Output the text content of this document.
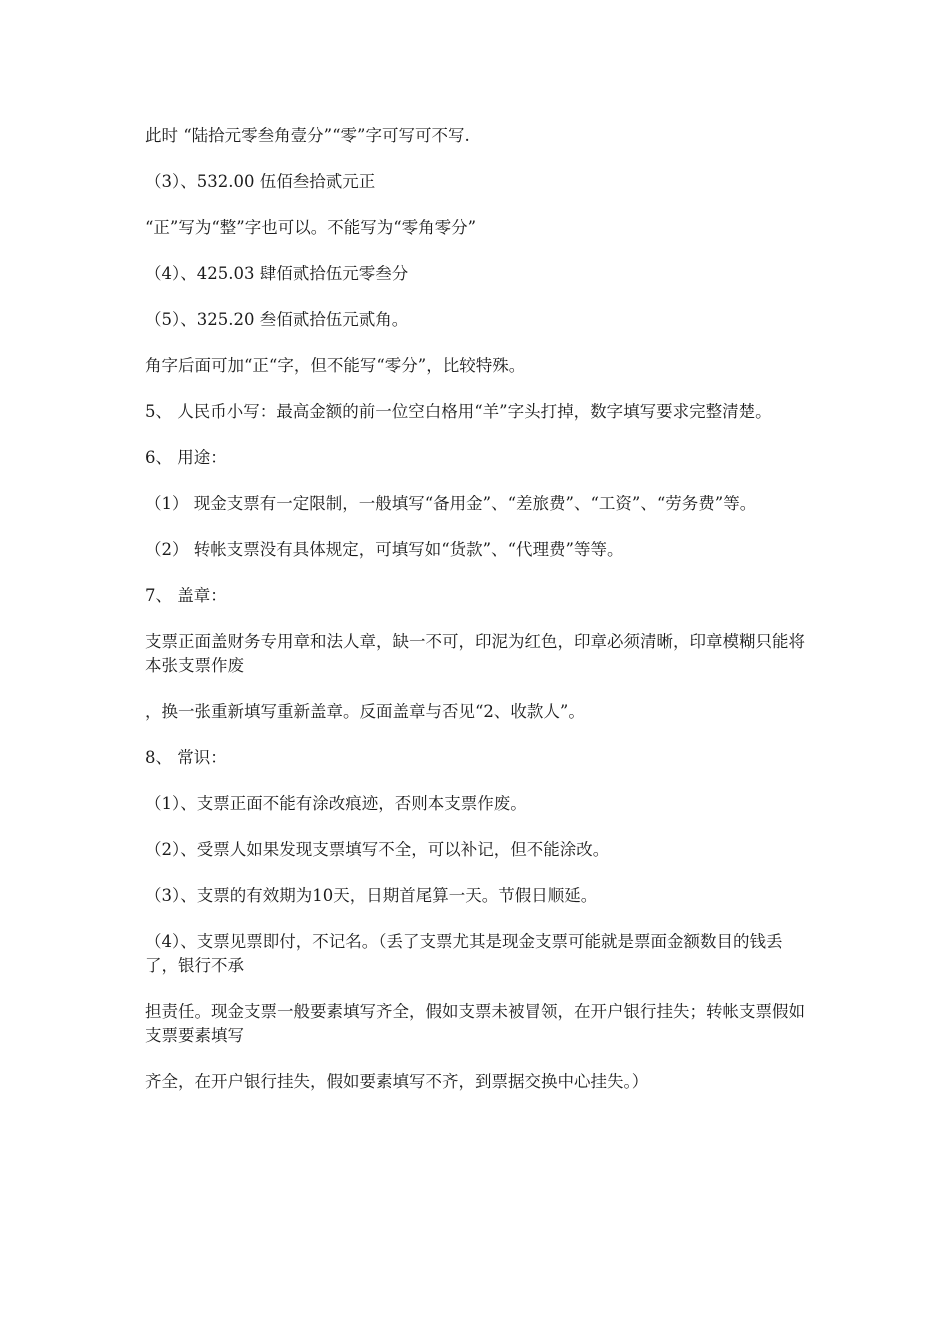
此时 “陆拾元零叁角壹分”“零”字可写可不写.

（3）、532.00 伍佰叁拾贰元正

“正”写为“整”字也可以。不能写为“零角零分”

（4）、425.03 肆佰贰拾伍元零叁分

（5）、325.20 叁佰贰拾伍元贰角。

角字后面可加“正“字，但不能写“零分”，比较特殊。

5、 人民币小写：最高金额的前一位空白格用“羊”字头打掉，数字填写要求完整清楚。

6、 用途：

（1） 现金支票有一定限制，一般填写“备用金”、“差旅费”、“工资”、“劳务费”等。

（2） 转帐支票没有具体规定，可填写如“货款”、“代理费”等等。

7、 盖章：

支票正面盖财务专用章和法人章，缺一不可，印泥为红色，印章必须清晰，印章模糊只能将本张支票作废

，换一张重新填写重新盖章。反面盖章与否见“2、收款人”。

8、 常识：

（1）、支票正面不能有涂改痕迹，否则本支票作废。

（2）、受票人如果发现支票填写不全，可以补记，但不能涂改。

（3）、支票的有效期为10天，日期首尾算一天。节假日顺延。

（4）、支票见票即付，不记名。（丢了支票尤其是现金支票可能就是票面金额数目的钱丢了，银行不承

担责任。现金支票一般要素填写齐全，假如支票未被冒领，在开户银行挂失；转帐支票假如支票要素填写

齐全，在开户银行挂失，假如要素填写不齐，到票据交换中心挂失。）
